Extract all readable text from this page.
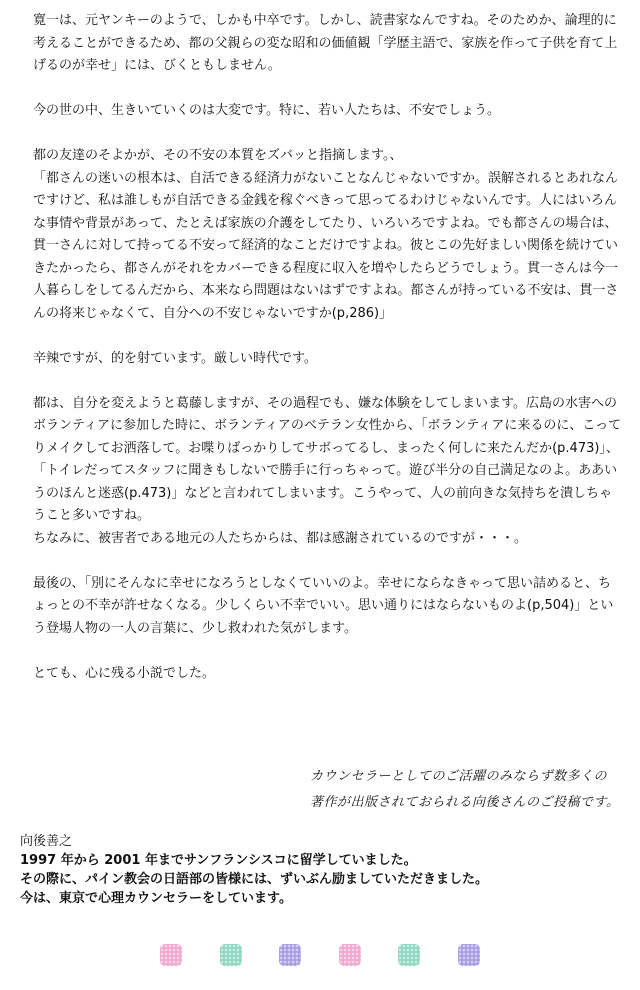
寛一は、元ヤンキーのようで、しかも中卒です。しかし、読書家なんですね。そのためか、論理的に考えることができるため、都の父親らの変な昭和の価値観「学歴主語で、家族を作って子供を育て上げるのが幸せ」には、びくともしません。

今の世の中、生きいていくのは大変です。特に、若い人たちは、不安でしょう。

都の友達のそよかが、その不安の本質をズバッと指摘します。、
「都さんの迷いの根本は、自活できる経済力がないことなんじゃないですか。誤解されるとあれなんですけど、私は誰しもが自活できる金銭を稼ぐべきって思ってるわけじゃないんです。人にはいろんな事情や背景があって、たとえば家族の介護をしてたり、いろいろですよね。でも都さんの場合は、貫一さんに対して持ってる不安って経済的なことだけですよね。彼とこの先好ましい関係を続けていきたかったら、都さんがそれをカバーできる程度に収入を増やしたらどうでしょう。貫一さんは今一人暮らしをしてるんだから、本来なら問題はないはずですよね。都さんが持っている不安は、貫一さんの将来じゃなくて、自分への不安じゃないですか(p,286)」

辛辣ですが、的を射ています。厳しい時代です。

都は、自分を変えようと葛藤しますが、その過程でも、嫌な体験をしてしまいます。広島の水害へのボランティアに参加した時に、ボランティアのベテラン女性から、「ボランティアに来るのに、こってりメイクしてお洒落して。お喋りばっかりしてサボってるし、まったく何しに来たんだか(p.473)」、「トイレだってスタッフに聞きもしないで勝手に行っちゃって。遊び半分の自己満足なのよ。ああいうのほんと迷惑(p.473)」などと言われてしまいます。こうやって、人の前向きな気持ちを潰しちゃうこと多いですね。
ちなみに、被害者である地元の人たちからは、都は感謝されているのですが・・・。

最後の、「別にそんなに幸せになろうとしなくていいのよ。幸せにならなきゃって思い詰めると、ちょっとの不幸が許せなくなる。少しくらい不幸でいい。思い通りにはならないものよ(p,504)」という登場人物の一人の言葉に、少し救われた気がします。

とても、心に残る小説でした。

カウンセラーとしてのご活躍のみならず数多くの

著作が出版されておられる向後さんのご投稿です。

向後善之

1997 年から 2001 年までサンフランシスコに留学していました。

その際に、パイン教会の日語部の皆様には、ずいぶん励ましていただきました。

今は、東京で心理カウンセラーをしています。
